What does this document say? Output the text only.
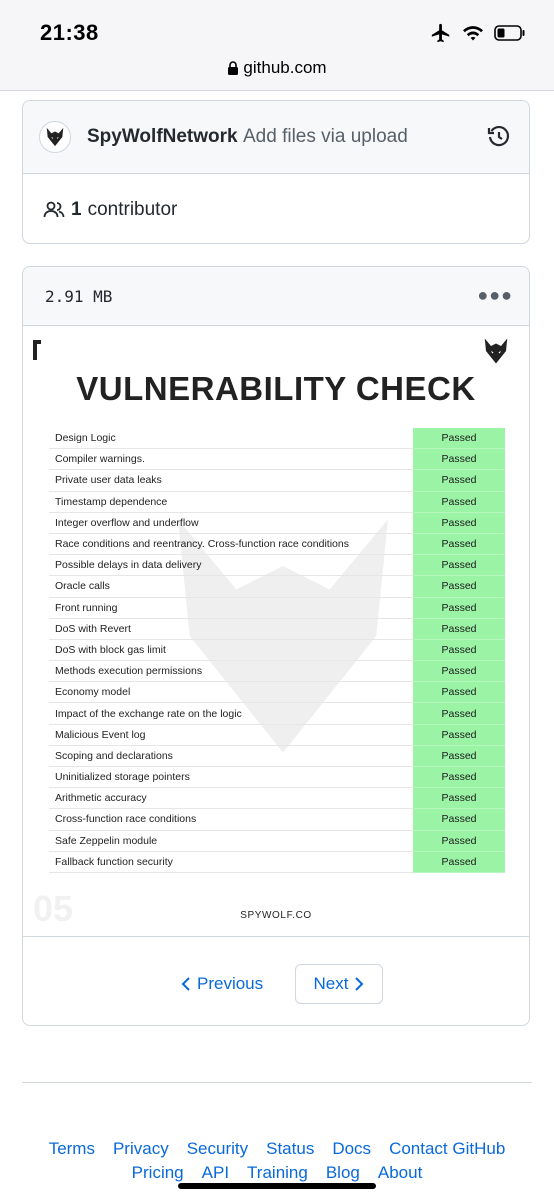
21:38
github.com
SpyWolfNetwork Add files via upload
1 contributor
2.91 MB	●●●
VULNERABILITY CHECK
Design Logic	Passed
Compiler warnings.	Passed
Private user data leaks	Passed
Timestamp dependence	Passed
Integer overflow and underflow	Passed
Race conditions and reentrancy. Cross-function race conditions	Passed
Possible delays in data delivery	Passed
Oracle calls	Passed
Front running	Passed
DoS with Revert	Passed
DoS with block gas limit	Passed
Methods execution permissions	Passed
Economy model	Passed
Impact of the exchange rate on the logic	Passed
Malicious Event log	Passed
Scoping and declarations	Passed
Uninitialized storage pointers	Passed
Arithmetic accuracy	Passed
Cross-function race conditions	Passed
Safe Zeppelin module	Passed
Fallback function security	Passed
05	SPYWOLF.CO
Previous	Next
Terms Privacy Security Status Docs Contact GitHub
Pricing API Training Blog About
